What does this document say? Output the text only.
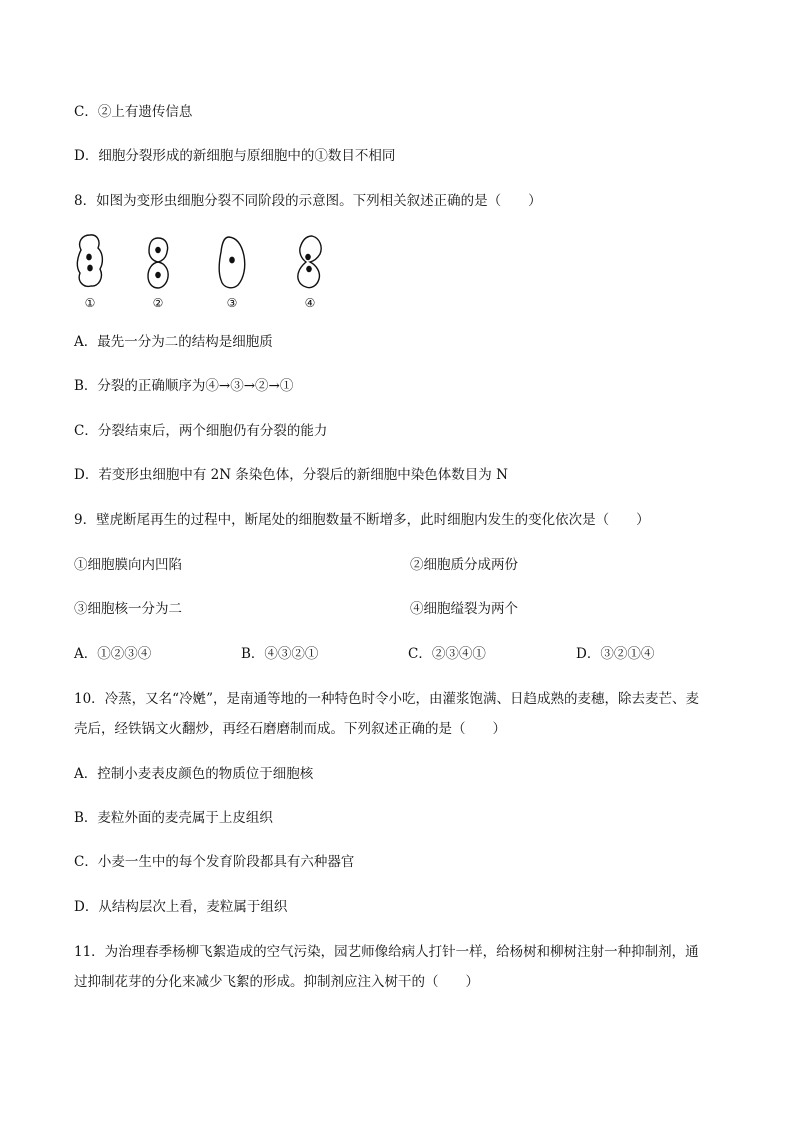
C．②上有遗传信息
D．细胞分裂形成的新细胞与原细胞中的①数目不相同
8．如图为变形虫细胞分裂不同阶段的示意图。下列相关叙述正确的是（　　）
①	②	③	④
A．最先一分为二的结构是细胞质
B．分裂的正确顺序为④→③→②→①
C．分裂结束后，两个细胞仍有分裂的能力
D．若变形虫细胞中有 2N 条染色体，分裂后的新细胞中染色体数目为 N
9．壁虎断尾再生的过程中，断尾处的细胞数量不断增多，此时细胞内发生的变化依次是（　　）
①细胞膜向内凹陷	②细胞质分成两份
③细胞核一分为二	④细胞缢裂为两个
A．①②③④	B．④③②①	C．②③④①	D．③②①④
10．冷蒸，又名“冷嬎”，是南通等地的一种特色时令小吃，由灌浆饱满、日趋成熟的麦穗，除去麦芒、麦
壳后，经铁锅文火翻炒，再经石磨磨制而成。下列叙述正确的是（　　）
A．控制小麦表皮颜色的物质位于细胞核
B．麦粒外面的麦壳属于上皮组织
C．小麦一生中的每个发育阶段都具有六种器官
D．从结构层次上看，麦粒属于组织
11．为治理春季杨柳飞絮造成的空气污染，园艺师像给病人打针一样，给杨树和柳树注射一种抑制剂，通
过抑制花芽的分化来减少飞絮的形成。抑制剂应注入树干的（　　）
